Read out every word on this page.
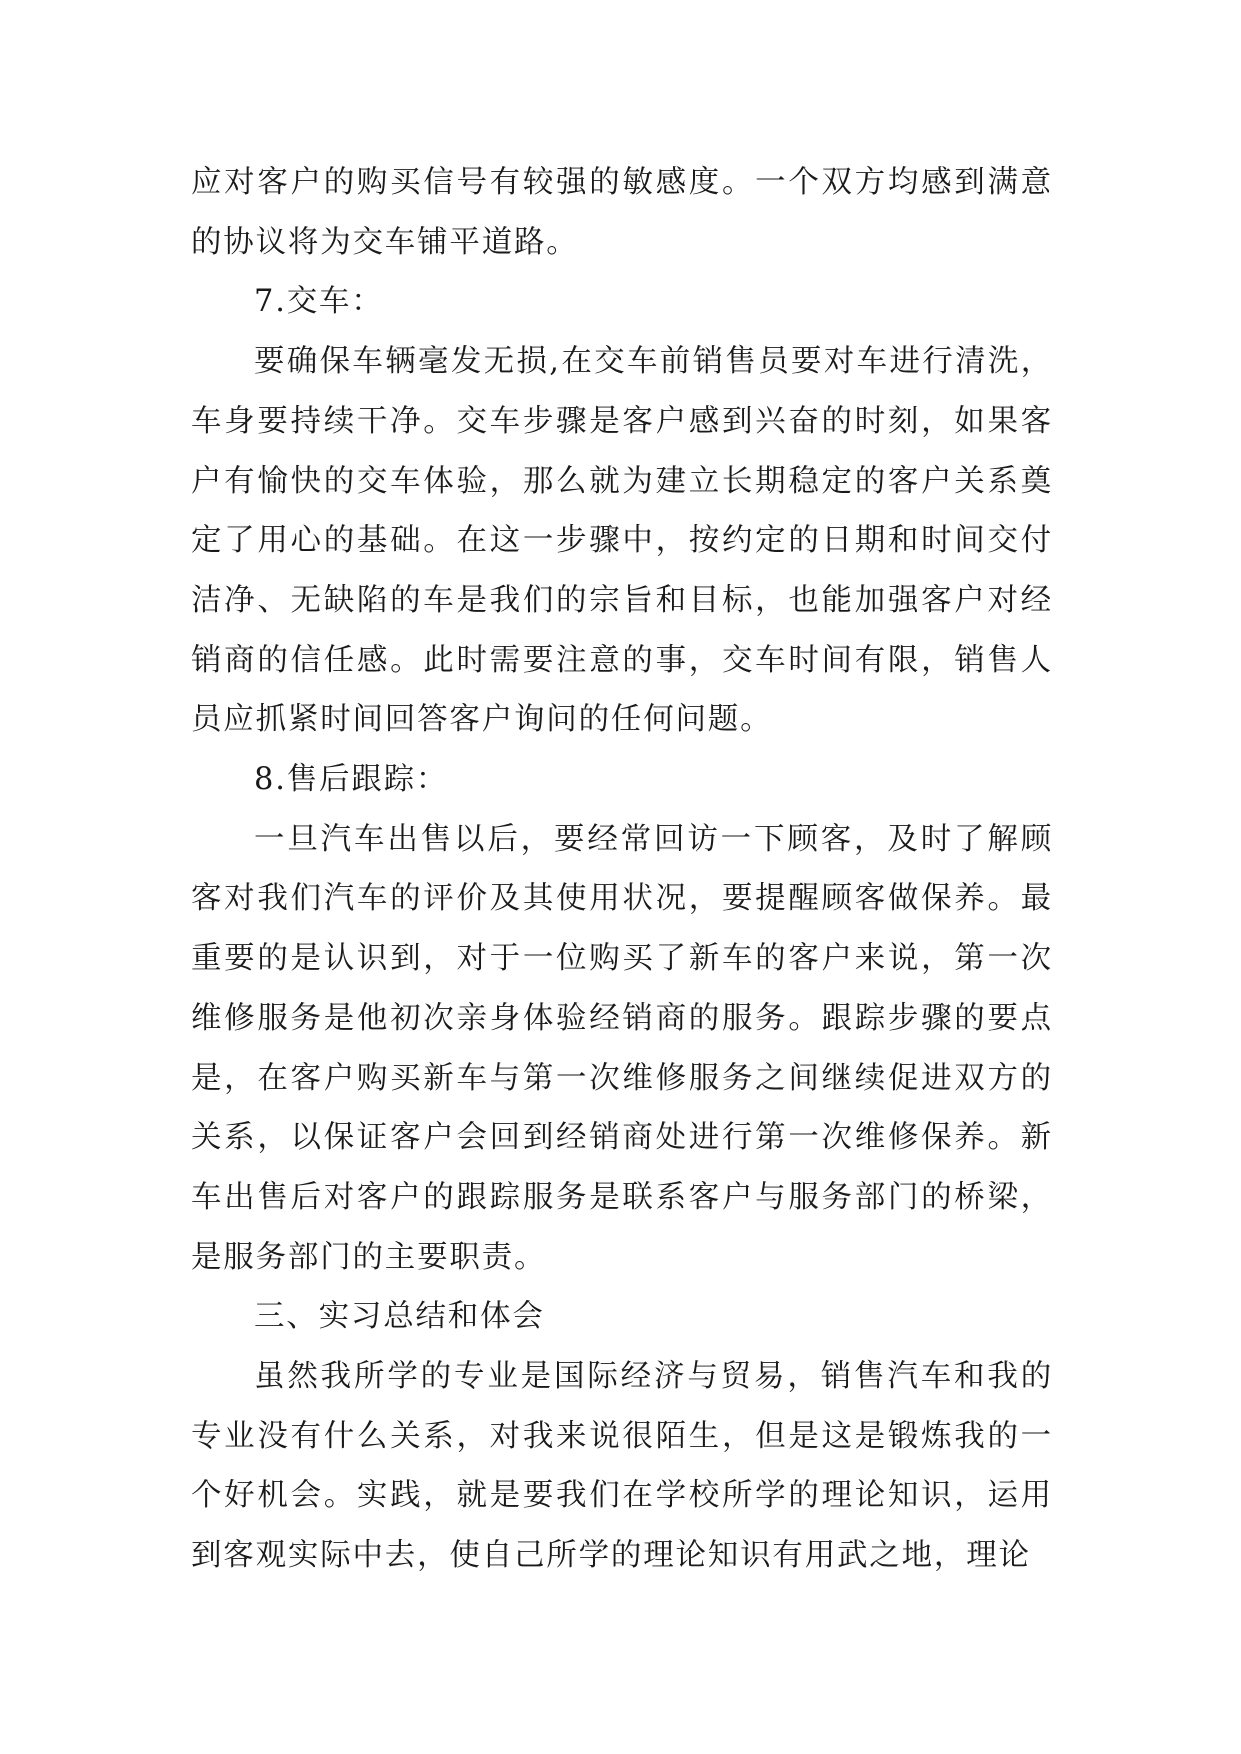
应对客户的购买信号有较强的敏感度。一个双方均感到满意的协议将为交车铺平道路。

7.交车：

要确保车辆毫发无损,在交车前销售员要对车进行清洗，车身要持续干净。交车步骤是客户感到兴奋的时刻，如果客户有愉快的交车体验，那么就为建立长期稳定的客户关系奠定了用心的基础。在这一步骤中，按约定的日期和时间交付洁净、无缺陷的车是我们的宗旨和目标，也能加强客户对经销商的信任感。此时需要注意的事，交车时间有限，销售人员应抓紧时间回答客户询问的任何问题。

8.售后跟踪：

一旦汽车出售以后，要经常回访一下顾客，及时了解顾客对我们汽车的评价及其使用状况，要提醒顾客做保养。最重要的是认识到，对于一位购买了新车的客户来说，第一次维修服务是他初次亲身体验经销商的服务。跟踪步骤的要点是，在客户购买新车与第一次维修服务之间继续促进双方的关系，以保证客户会回到经销商处进行第一次维修保养。新车出售后对客户的跟踪服务是联系客户与服务部门的桥梁，是服务部门的主要职责。

三、实习总结和体会

虽然我所学的专业是国际经济与贸易，销售汽车和我的专业没有什么关系，对我来说很陌生，但是这是锻炼我的一个好机会。实践，就是要我们在学校所学的理论知识，运用到客观实际中去，使自己所学的理论知识有用武之地，理论
